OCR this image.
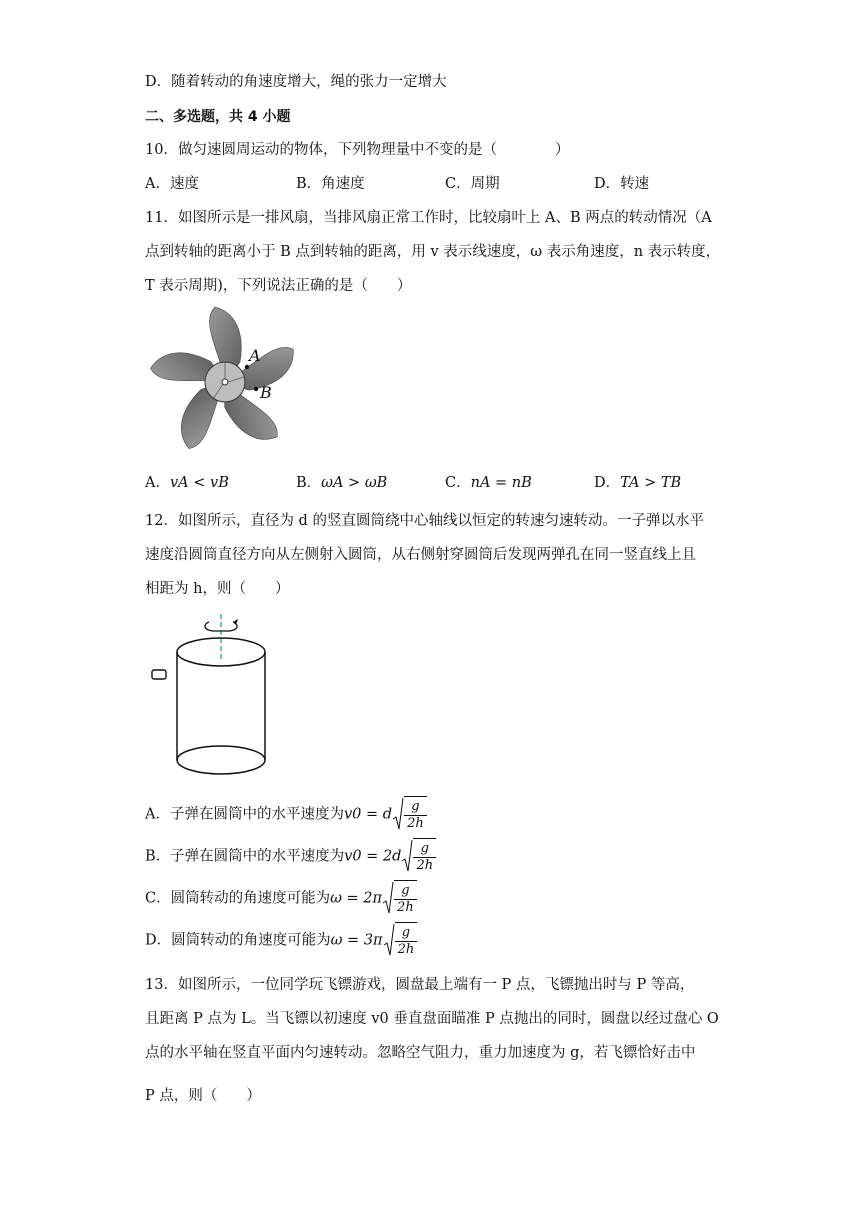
D．随着转动的角速度增大，绳的张力一定增大
二、多选题，共 4 小题
10．做匀速圆周运动的物体，下列物理量中不变的是（　　　　）
A．速度	B．角速度	C．周期	D．转速
11．如图所示是一排风扇，当排风扇正常工作时，比较扇叶上 A、B 两点的转动情况（A
点到转轴的距离小于 B 点到转轴的距离，用 v 表示线速度，ω 表示角速度，n 表示转度，
T 表示周期)，下列说法正确的是（　　）
A
B
A．vA < vB	B．ωA > ωB	C．nA = nB	D．TA > TB
12．如图所示，直径为 d 的竖直圆筒绕中心轴线以恒定的转速匀速转动。一子弹以水平
速度沿圆筒直径方向从左侧射入圆筒，从右侧射穿圆筒后发现两弹孔在同一竖直线上且
相距为 h，则（　　）
A．子弹在圆筒中的水平速度为v0 = d $\frac{g}{2h}$
B．子弹在圆筒中的水平速度为$v0 = 2d \frac{g}{2h}$
C．圆筒转动的角速度可能为$\omega = 2\pi \frac{g}{2h}$
D．圆筒转动的角速度可能为$\omega = 3\pi \frac{g}{2h}$
13．如图所示，一位同学玩飞镖游戏，圆盘最上端有一 P 点，飞镖抛出时与 P 等高，
且距离 P 点为 L。当飞镖以初速度 v0 垂直盘面瞄准 P 点抛出的同时，圆盘以经过盘心 O
点的水平轴在竖直平面内匀速转动。忽略空气阻力，重力加速度为 g，若飞镖恰好击中
P 点，则（　　）
